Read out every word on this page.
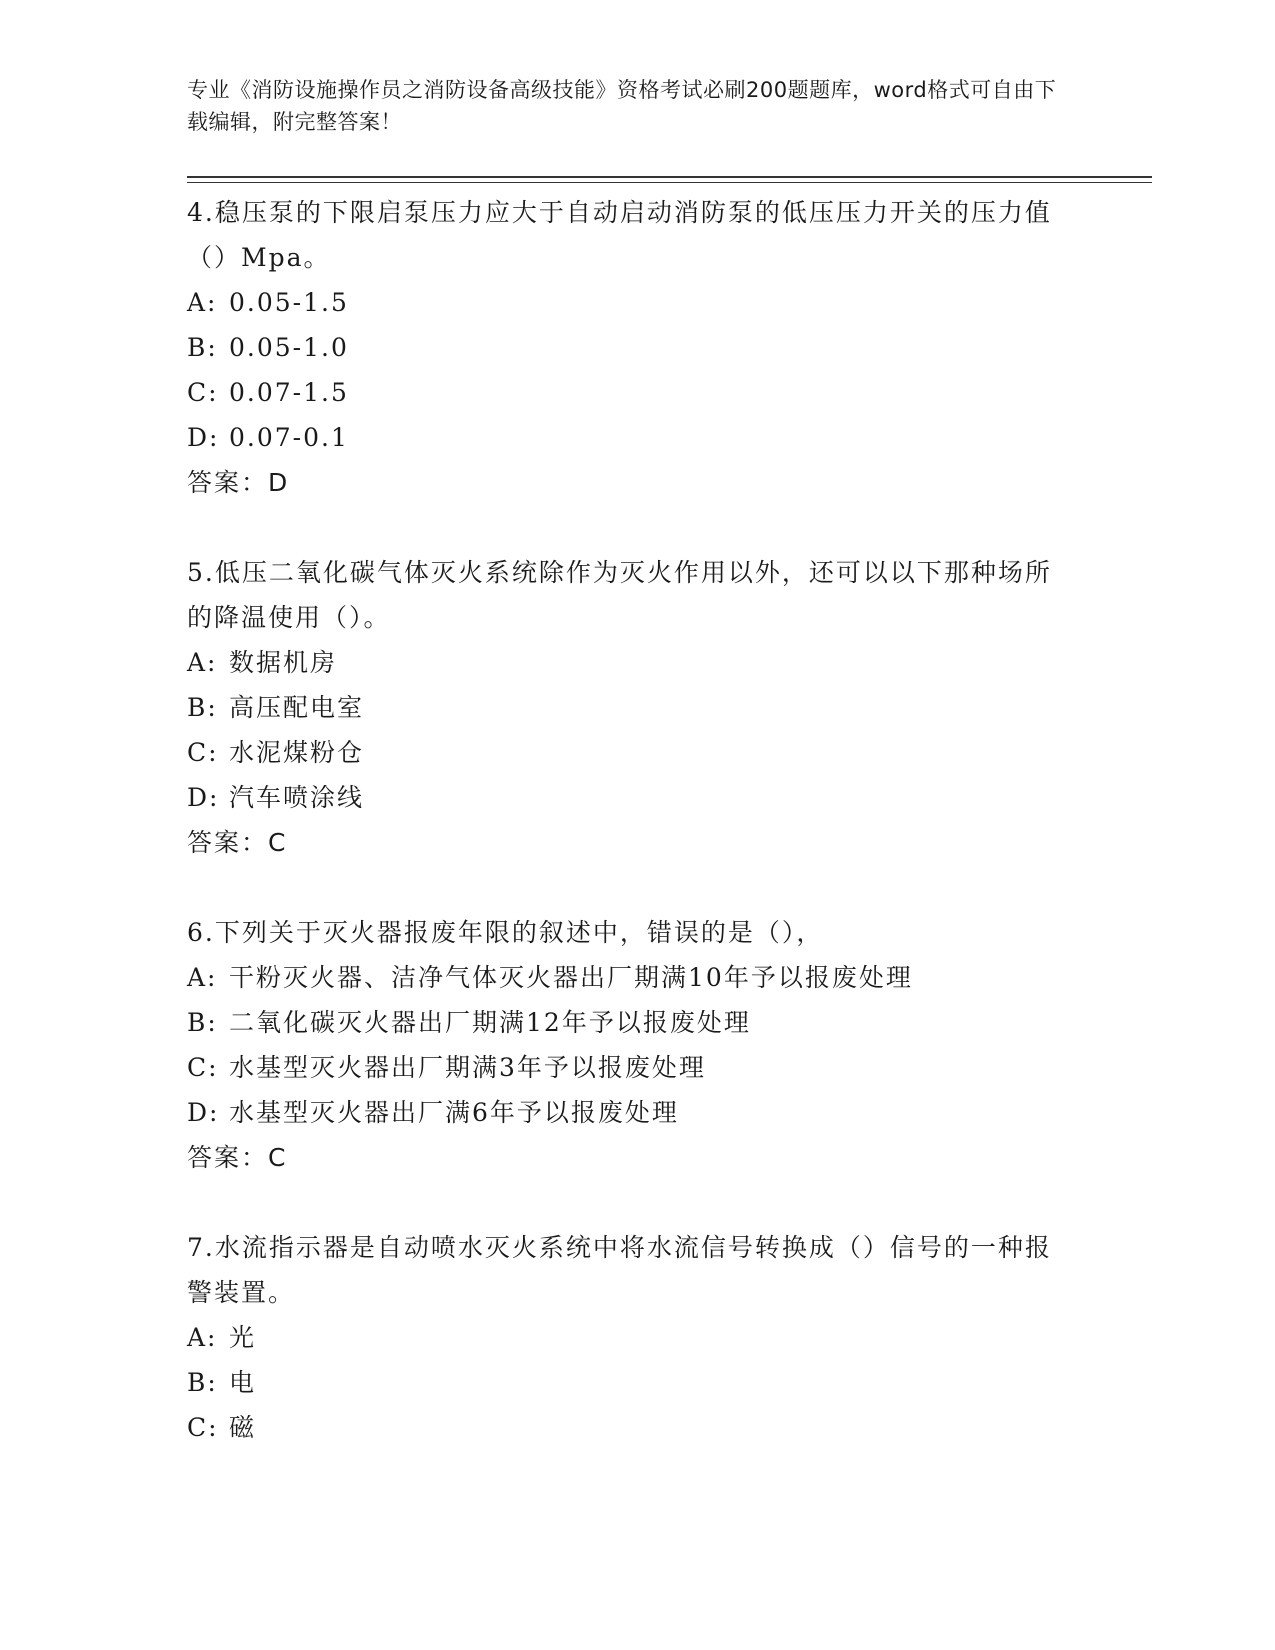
专业《消防设施操作员之消防设备高级技能》资格考试必刷200题题库，word格式可自由下载编辑，附完整答案！

4.稳压泵的下限启泵压力应大于自动启动消防泵的低压压力开关的压力值（）Mpa。

A: 0.05-1.5

B: 0.05-1.0

C: 0.07-1.5

D: 0.07-0.1

答案：D

5.低压二氧化碳气体灭火系统除作为灭火作用以外，还可以以下那种场所的降温使用（）。

A: 数据机房

B: 高压配电室

C: 水泥煤粉仓

D: 汽车喷涂线

答案：C

6.下列关于灭火器报废年限的叙述中，错误的是（），

A: 干粉灭火器、洁净气体灭火器出厂期满10年予以报废处理

B: 二氧化碳灭火器出厂期满12年予以报废处理

C: 水基型灭火器出厂期满3年予以报废处理

D: 水基型灭火器出厂满6年予以报废处理

答案：C

7.水流指示器是自动喷水灭火系统中将水流信号转换成（）信号的一种报警装置。

A: 光

B: 电

C: 磁
